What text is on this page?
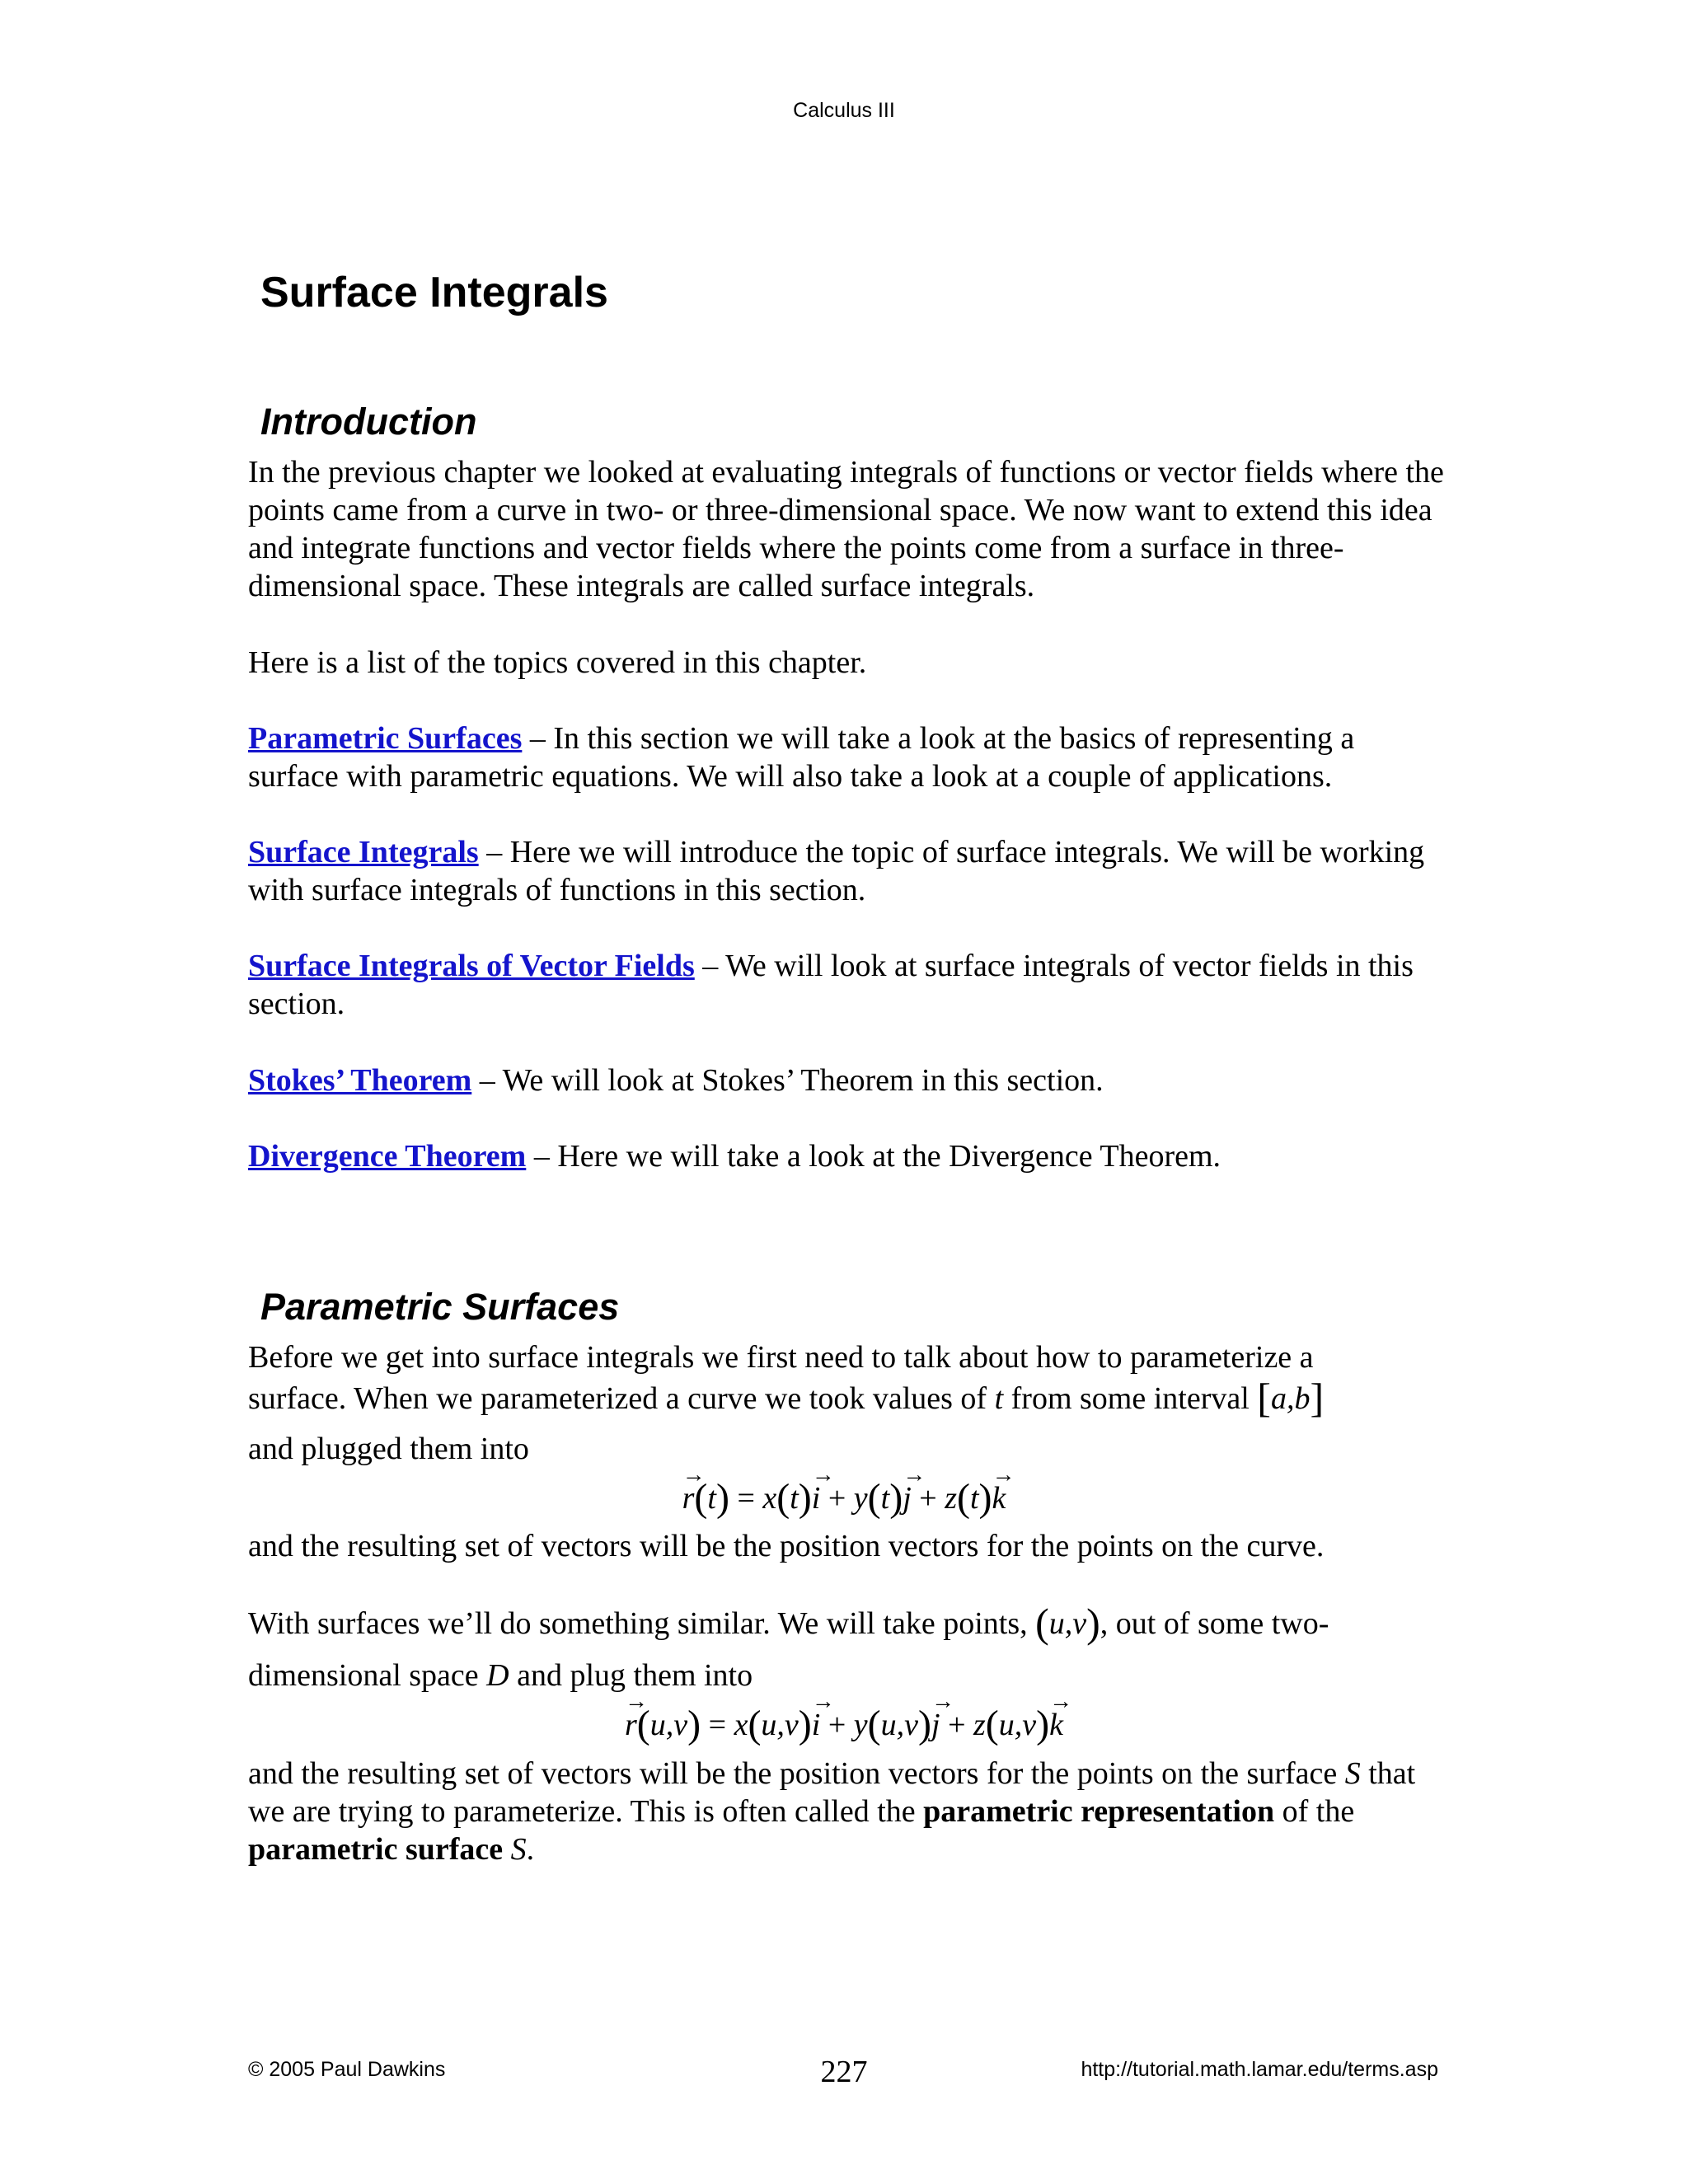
Calculus III
Surface Integrals
Introduction

In the previous chapter we looked at evaluating integrals of functions or vector fields where the points came from a curve in two- or three-dimensional space. We now want to extend this idea and integrate functions and vector fields where the points come from a surface in three-dimensional space. These integrals are called surface integrals.

Here is a list of the topics covered in this chapter.

Parametric Surfaces – In this section we will take a look at the basics of representing a surface with parametric equations. We will also take a look at a couple of applications.

Surface Integrals – Here we will introduce the topic of surface integrals. We will be working with surface integrals of functions in this section.

Surface Integrals of Vector Fields – We will look at surface integrals of vector fields in this section.

Stokes’ Theorem – We will look at Stokes’ Theorem in this section.

Divergence Theorem – Here we will take a look at the Divergence Theorem.

Parametric Surfaces

Before we get into surface integrals we first need to talk about how to parameterize a

surface. When we parameterized a curve we took values of t from some interval [a,b]

and plugged them into

→ r(t) = x(t)→ i + y(t)→ j + z(t)→ k

and the resulting set of vectors will be the position vectors for the points on the curve.

With surfaces we’ll do something similar. We will take points, (u,v), out of some two-

dimensional space D and plug them into

→ r(u,v) = x(u,v)→ i + y(u,v)→ j + z(u,v)→ k

and the resulting set of vectors will be the position vectors for the points on the surface S that we are trying to parameterize. This is often called the parametric representation of the parametric surface S.

© 2005 Paul Dawkins	227	http://tutorial.math.lamar.edu/terms.asp
